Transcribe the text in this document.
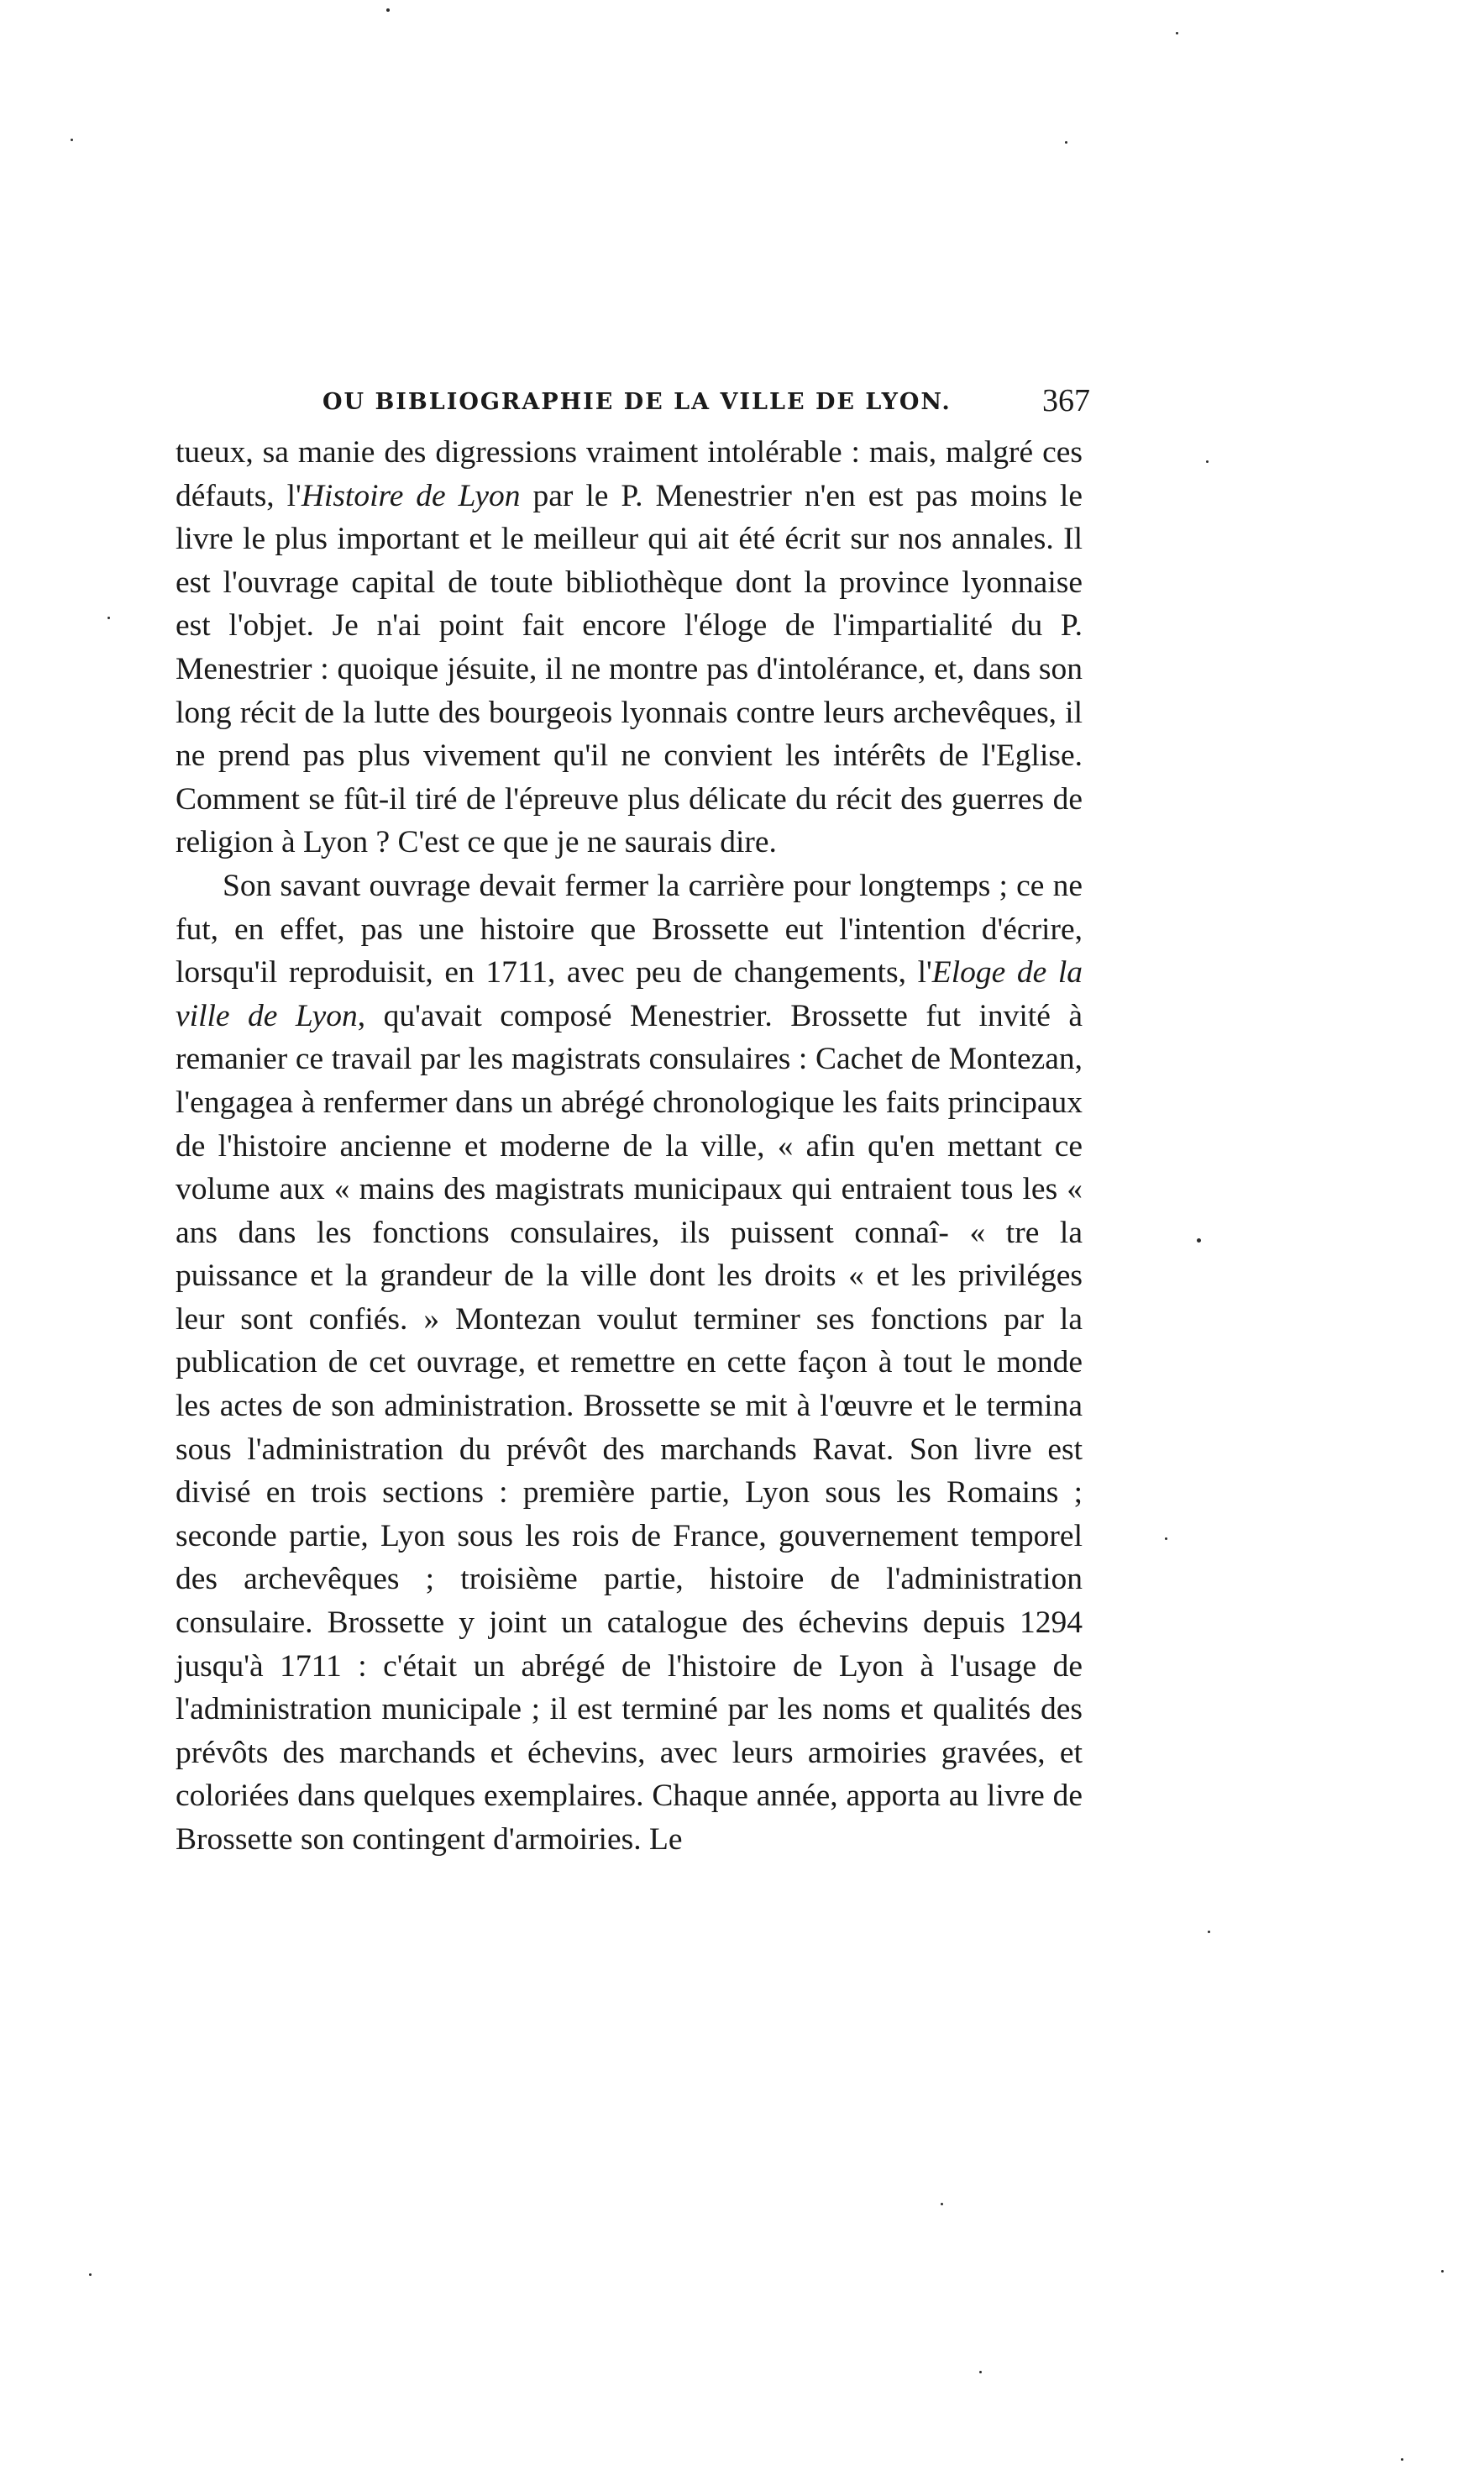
OU BIBLIOGRAPHIE DE LA VILLE DE LYON.	367

tueux, sa manie des digressions vraiment intolérable : mais, malgré ces défauts, l'Histoire de Lyon par le P. Menestrier n'en est pas moins le livre le plus important et le meilleur qui ait été écrit sur nos annales. Il est l'ouvrage capital de toute bibliothèque dont la province lyonnaise est l'objet. Je n'ai point fait encore l'éloge de l'impartialité du P. Menestrier : quoique jésuite, il ne montre pas d'intolérance, et, dans son long récit de la lutte des bourgeois lyonnais contre leurs archevêques, il ne prend pas plus vivement qu'il ne convient les intérêts de l'Eglise. Comment se fût-il tiré de l'épreuve plus délicate du récit des guerres de religion à Lyon ? C'est ce que je ne saurais dire.

Son savant ouvrage devait fermer la carrière pour longtemps ; ce ne fut, en effet, pas une histoire que Brossette eut l'intention d'écrire, lorsqu'il reproduisit, en 1711, avec peu de changements, l'Eloge de la ville de Lyon, qu'avait composé Menestrier. Brossette fut invité à remanier ce travail par les magistrats consulaires : Cachet de Montezan, l'engagea à renfermer dans un abrégé chronologique les faits principaux de l'histoire ancienne et moderne de la ville, « afin qu'en mettant ce volume aux « mains des magistrats municipaux qui entraient tous les « ans dans les fonctions consulaires, ils puissent connaî- « tre la puissance et la grandeur de la ville dont les droits « et les priviléges leur sont confiés. » Montezan voulut terminer ses fonctions par la publication de cet ouvrage, et remettre en cette façon à tout le monde les actes de son administration. Brossette se mit à l'œuvre et le termina sous l'administration du prévôt des marchands Ravat. Son livre est divisé en trois sections : première partie, Lyon sous les Romains ; seconde partie, Lyon sous les rois de France, gouvernement temporel des archevêques ; troisième partie, histoire de l'administration consulaire. Brossette y joint un catalogue des échevins depuis 1294 jusqu'à 1711 : c'était un abrégé de l'histoire de Lyon à l'usage de l'administration municipale ; il est terminé par les noms et qualités des prévôts des marchands et échevins, avec leurs armoiries gravées, et coloriées dans quelques exemplaires. Chaque année, apporta au livre de Brossette son contingent d'armoiries. Le
